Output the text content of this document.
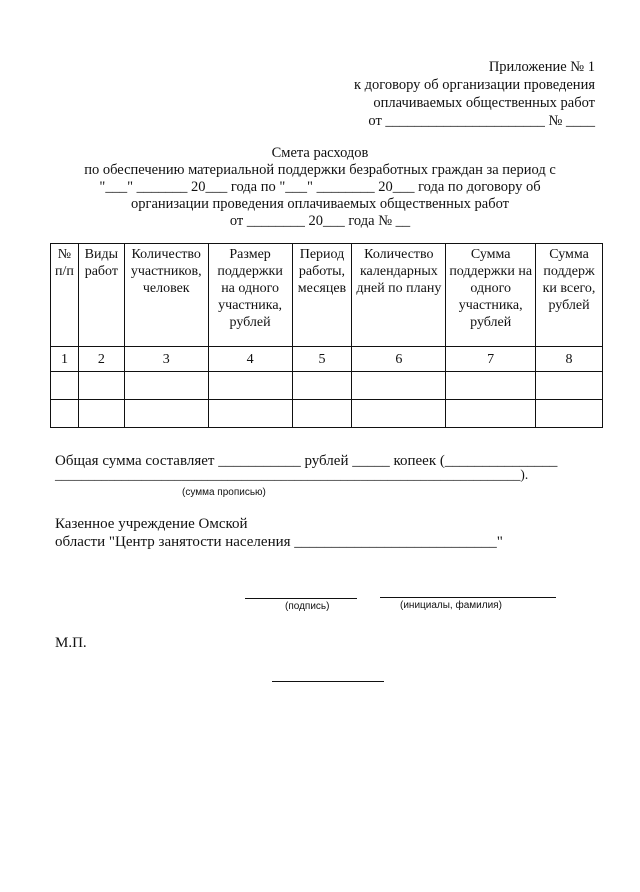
Приложение № 1
к договору об организации проведения
оплачиваемых общественных работ
от ______________________ № ____
Смета расходов
по обеспечению материальной поддержки безработных граждан за период с
"___" _______ 20___ года по "___" ________ 20___ года по договору об
организации проведения оплачиваемых общественных работ
от ________ 20___ года № __
№ п/п	Виды работ	Количество участников, человек	Размер поддержки на одного участника, рублей	Период работы, месяцев	Количество календарных дней по плану	Сумма поддержки на одного участника, рублей	Сумма поддерж ки всего, рублей
1	2	3	4	5	6	7	8

Общая сумма составляет ___________ рублей _____ копеек (_______________
______________________________________________________________________).
(сумма прописью)
Казенное учреждение Омской
области "Центр занятости населения ___________________________"
(подпись)	(инициалы, фамилия)
М.П.
